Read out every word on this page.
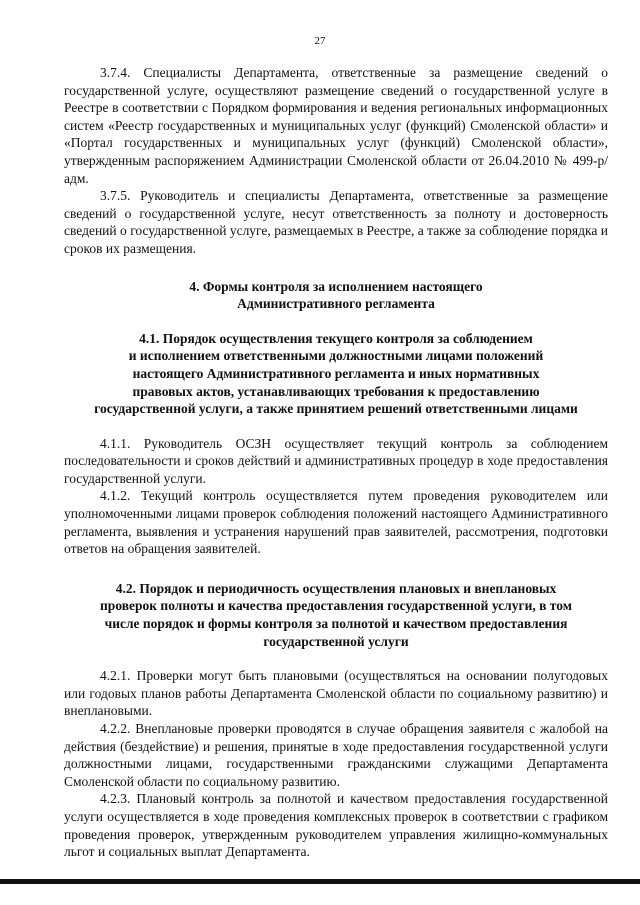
27

3.7.4. Специалисты Департамента, ответственные за размещение сведений о государственной услуге, осуществляют размещение сведений о государственной услуге в Реестре в соответствии с Порядком формирования и ведения региональных информационных систем «Реестр государственных и муниципальных услуг (функций) Смоленской области» и «Портал государственных и муниципальных услуг (функций) Смоленской области», утвержденным распоряжением Администрации Смоленской области от 26.04.2010 № 499-р/адм.

3.7.5. Руководитель и специалисты Департамента, ответственные за размещение сведений о государственной услуге, несут ответственность за полноту и достоверность сведений о государственной услуге, размещаемых в Реестре, а также за соблюдение порядка и сроков их размещения.

4. Формы контроля за исполнением настоящего
Административного регламента
4.1. Порядок осуществления текущего контроля за соблюдением
и исполнением ответственными должностными лицами положений
настоящего Административного регламента и иных нормативных
правовых актов, устанавливающих требования к предоставлению
государственной услуги, а также принятием решений ответственными лицами

4.1.1. Руководитель ОСЗН осуществляет текущий контроль за соблюдением последовательности и сроков действий и административных процедур в ходе предоставления государственной услуги.

4.1.2. Текущий контроль осуществляется путем проведения руководителем или уполномоченными лицами проверок соблюдения положений настоящего Административного регламента, выявления и устранения нарушений прав заявителей, рассмотрения, подготовки ответов на обращения заявителей.

4.2. Порядок и периодичность осуществления плановых и внеплановых
проверок полноты и качества предоставления государственной услуги, в том
числе порядок и формы контроля за полнотой и качеством предоставления
государственной услуги

4.2.1. Проверки могут быть плановыми (осуществляться на основании полугодовых или годовых планов работы Департамента Смоленской области по социальному развитию) и внеплановыми.

4.2.2. Внеплановые проверки проводятся в случае обращения заявителя с жалобой на действия (бездействие) и решения, принятые в ходе предоставления государственной услуги должностными лицами, государственными гражданскими служащими Департамента Смоленской области по социальному развитию.

4.2.3. Плановый контроль за полнотой и качеством предоставления государственной услуги осуществляется в ходе проведения комплексных проверок в соответствии с графиком проведения проверок, утвержденным руководителем управления жилищно-коммунальных льгот и социальных выплат Департамента.
